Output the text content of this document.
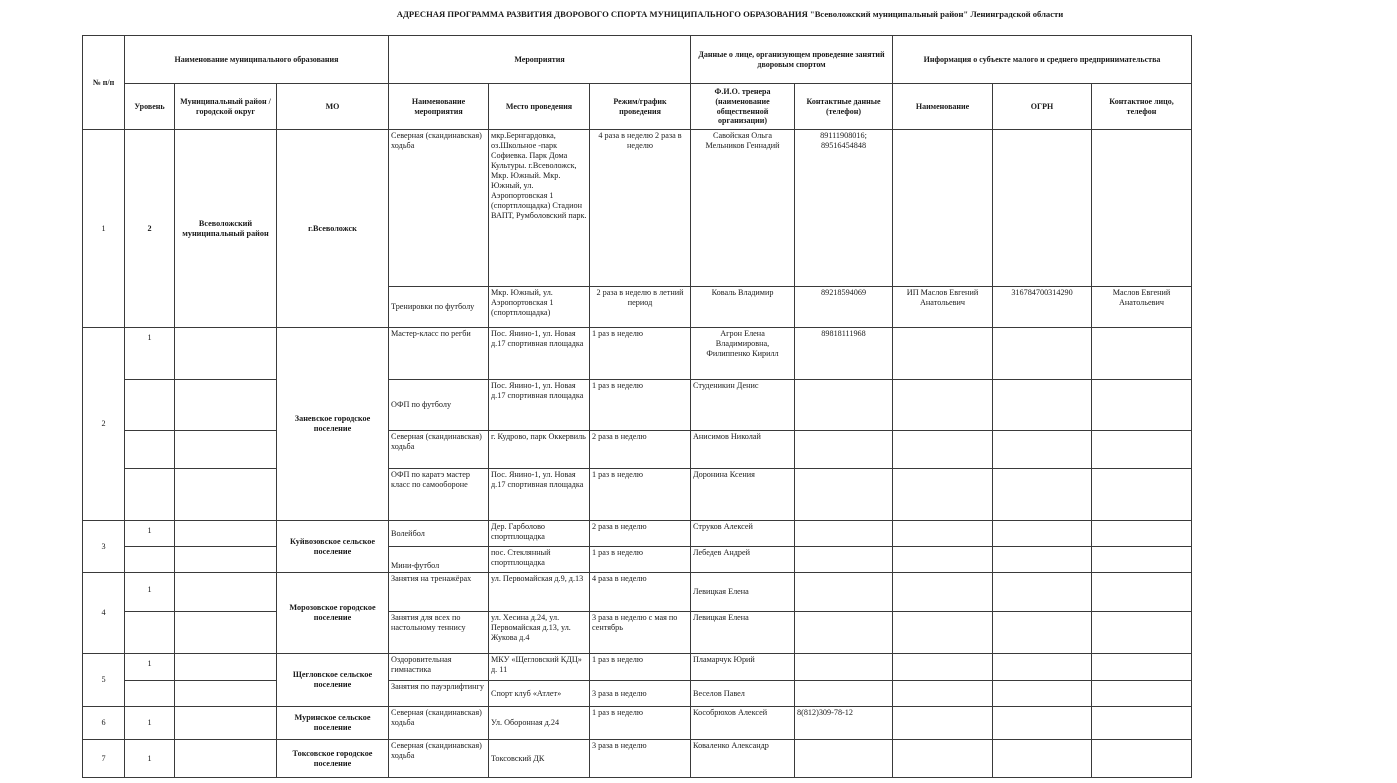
АДРЕСНАЯ ПРОГРАММА РАЗВИТИЯ ДВОРОВОГО СПОРТА МУНИЦИПАЛЬНОГО ОБРАЗОВАНИЯ "Всеволожский муниципальный район" Ленинградской области
№ п/п	Наименование муниципального образования			Мероприятия			Данные о лице, организующем проведение занятий дворовым спортом		Информация о субъекте малого и среднего предпринимательства		
	Уровень	Муниципальный район / городской округ	МО	Наименование мероприятия	Место проведения	Режим/график проведения	Ф.И.О. тренера (наименование общественной организации)	Контактные данные (телефон)	Наименование	ОГРН	Контактное лицо, телефон
1	2	Всеволожский муниципальный район	г.Всеволожск	Северная (скандинавская) ходьба	мкр.Бернгардовка, оз.Школьное -парк Софиевка. Парк Дома Культуры. г.Всеволожск, Мкр. Южный. Мкр. Южный, ул. Аэропортовская 1 (спортплощадка) Стадион ВАПТ, Румболовский парк.	4 раза в неделю 2 раза в неделю	Савойская Ольга Мельников Геннадий	89111908016; 89516454848			
				Тренировки по футболу	Мкр. Южный, ул. Аэропортовская 1 (спортплощадка)	2 раза в неделю в летний период	Коваль Владимир	89218594069	ИП Маслов Евгений Анатольевич	316784700314290	Маслов Евгений Анатольевич
2	1		Заневское городское поселение	Мастер-класс по регби	Пос. Янино-1, ул. Новая д.17 спортивная площадка	1 раз в неделю	Агрон Елена Владимировна, Филиппенко Кирилл	89818111968			
				ОФП по футболу	Пос. Янино-1, ул. Новая д.17 спортивная площадка	1 раз в неделю	Студеникин Денис				
				Северная (скандинавская) ходьба	г. Кудрово, парк Оккервиль	2 раза в неделю	Анисимов Николай				
				ОФП по каратэ мастер класс по самообороне	Пос. Янино-1, ул. Новая д.17 спортивная площадка	1 раз в неделю	Доронина Ксения				
3	1		Куйвозовское сельское поселение	Волейбол	Дер. Гарболово спортплощадка	2 раза в неделю	Струков Алексей				
				Мини-футбол	пос. Стеклянный спортплощадка	1 раз в неделю	Лебедев Андрей				
4	1		Морозовское городское поселение	Занятия на тренажёрах	ул. Первомайская д.9, д.13	4 раза в неделю	Левицкая Елена				
				Занятия для всех по настольному теннису	ул. Хесина д.24, ул. Первомайская д.13, ул. Жукова д.4	3 раза в неделю с мая по сентябрь	Левицкая Елена				
5	1		Щегловское сельское поселение	Оздоровительная гимнастика	МКУ «Щегловский КДЦ» д. 11	1 раз в неделю	Пламарчук Юрий				
				Занятия по пауэрлифтингу	Спорт клуб «Атлет»	3 раза в неделю	Веселов Павел				
6	1		Муринское сельское поселение	Северная (скандинавская) ходьба	Ул. Оборонная д.24	1 раз в неделю	Кособрюхов Алексей	8(812)309-78-12			
7	1		Токсовское городское поселение	Северная (скандинавская) ходьба	Токсовский ДК	3 раза в неделю	Коваленко Александр				
